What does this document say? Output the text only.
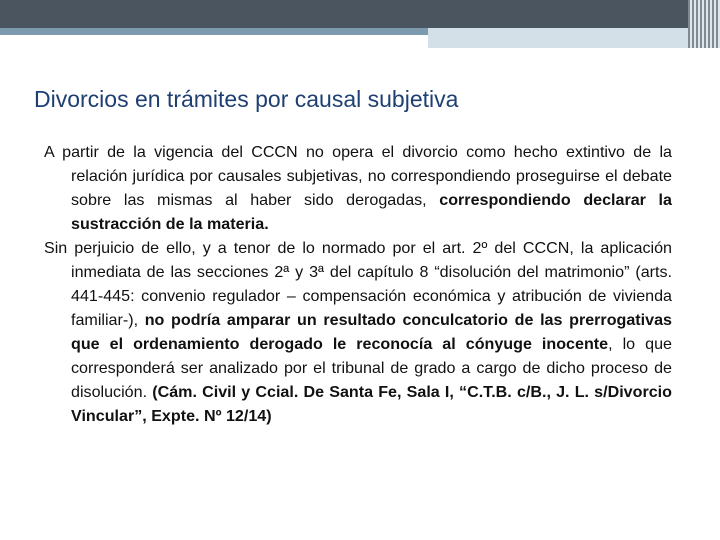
Divorcios en trámites por causal subjetiva

A partir de la vigencia del CCCN no opera el divorcio como hecho extintivo de la relación jurídica por causales subjetivas, no correspondiendo proseguirse el debate sobre las mismas al haber sido derogadas, correspondiendo declarar la sustracción de la materia.

Sin perjuicio de ello, y a tenor de lo normado por el art. 2º del CCCN, la aplicación inmediata de las secciones 2ª y 3ª del capítulo 8 “disolución del matrimonio” (arts. 441-445: convenio regulador – compensación económica y atribución de vivienda familiar-), no podría amparar un resultado conculcatorio de las prerrogativas que el ordenamiento derogado le reconocía al cónyuge inocente, lo que corresponderá ser analizado por el tribunal de grado a cargo de dicho proceso de disolución. (Cám. Civil y Ccial. De Santa Fe, Sala I, “C.T.B. c/B., J. L. s/Divorcio Vincular”, Expte. Nº 12/14)
